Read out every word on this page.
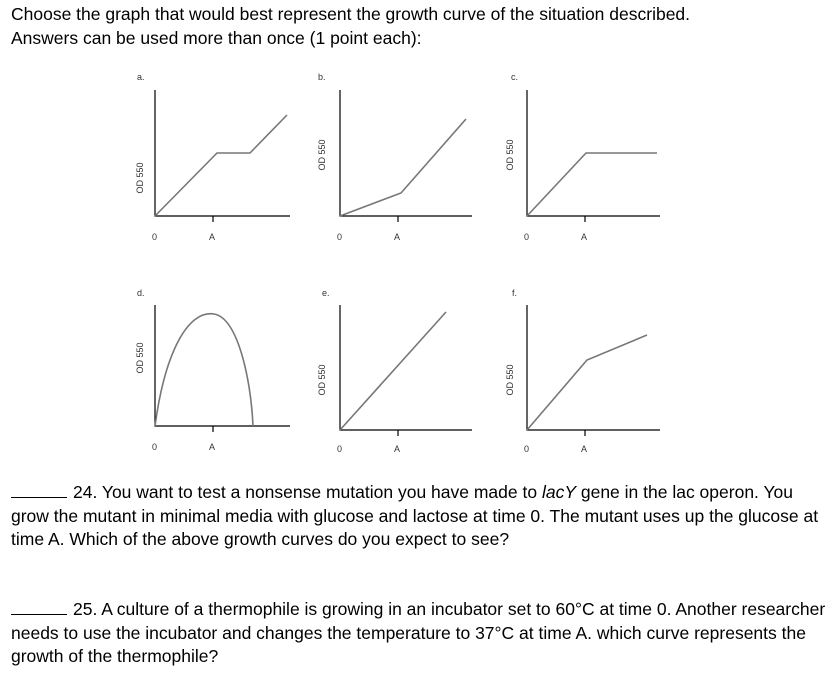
Choose the graph that would best represent the growth curve of the situation described.
Answers can be used more than once (1 point each):

a.
OD 550
0	A
b.
OD 550
0	A
c.
OD 550
0	A
d.
OD 550
0	A
e.
OD 550
0	A
f.
OD 550
0	A

24. You want to test a nonsense mutation you have made to lacY gene in the lac operon. You grow the mutant in minimal media with glucose and lactose at time 0. The mutant uses up the glucose at time A. Which of the above growth curves do you expect to see?

25. A culture of a thermophile is growing in an incubator set to 60°C at time 0. Another researcher needs to use the incubator and changes the temperature to 37°C at time A. which curve represents the growth of the thermophile?
